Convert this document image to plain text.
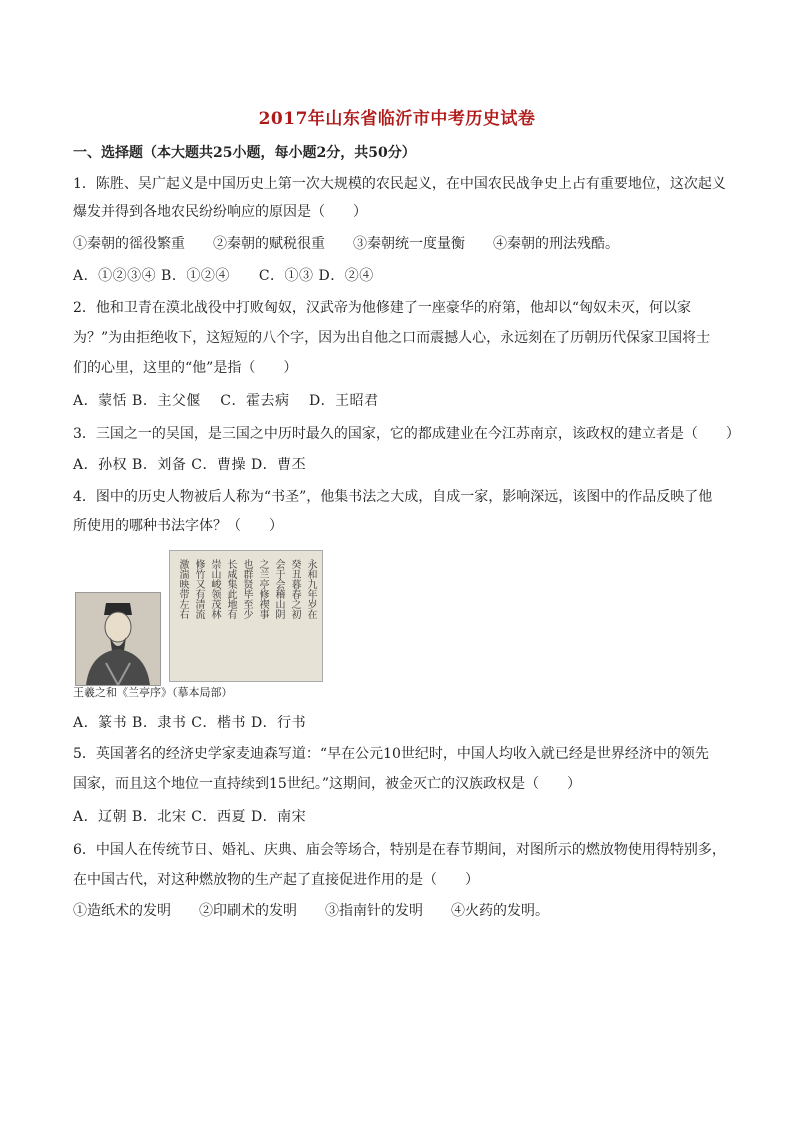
2017年山东省临沂市中考历史试卷
一、选择题（本大题共25小题，每小题2分，共50分）
1．陈胜、吴广起义是中国历史上第一次大规模的农民起义，在中国农民战争史上占有重要地位，这次起义
爆发并得到各地农民纷纷响应的原因是（　　）
①秦朝的徭役繁重　　②秦朝的赋税很重　　③秦朝统一度量衡　　④秦朝的刑法残酷。
A．①②③④ B．①②④　　C．①③ D．②④
2．他和卫青在漠北战役中打败匈奴，汉武帝为他修建了一座豪华的府第，他却以“匈奴未灭，何以家
为？”为由拒绝收下，这短短的八个字，因为出自他之口而震撼人心，永远刻在了历朝历代保家卫国将士
们的心里，这里的“他”是指（　　）
A．蒙恬 B．主父偃　 C．霍去病　 D．王昭君
3．三国之一的吴国，是三国之中历时最久的国家，它的都成建业在今江苏南京，该政权的建立者是（　　）
A．孙权 B．刘备 C．曹操 D．曹丕
4．图中的历史人物被后人称为“书圣”，他集书法之大成，自成一家，影响深远，该图中的作品反映了他
所使用的哪种书法字体？（　　）
永和九年岁在
癸丑暮春之初
会于会稽山阴
之兰亭修禊事
也群贤毕至少
长咸集此地有
崇山峻领茂林
修竹又有清流
激湍映带左右
王羲之和《兰亭序》（摹本局部）
A．篆书 B．隶书 C．楷书 D．行书
5．英国著名的经济史学家麦迪森写道：“早在公元10世纪时，中国人均收入就已经是世界经济中的领先
国家，而且这个地位一直持续到15世纪。”这期间，被金灭亡的汉族政权是（　　）
A．辽朝 B．北宋 C．西夏 D．南宋
6．中国人在传统节日、婚礼、庆典、庙会等场合，特别是在春节期间，对图所示的燃放物使用得特别多，
在中国古代，对这种燃放物的生产起了直接促进作用的是（　　）
①造纸术的发明　　②印刷术的发明　　③指南针的发明　　④火药的发明。
